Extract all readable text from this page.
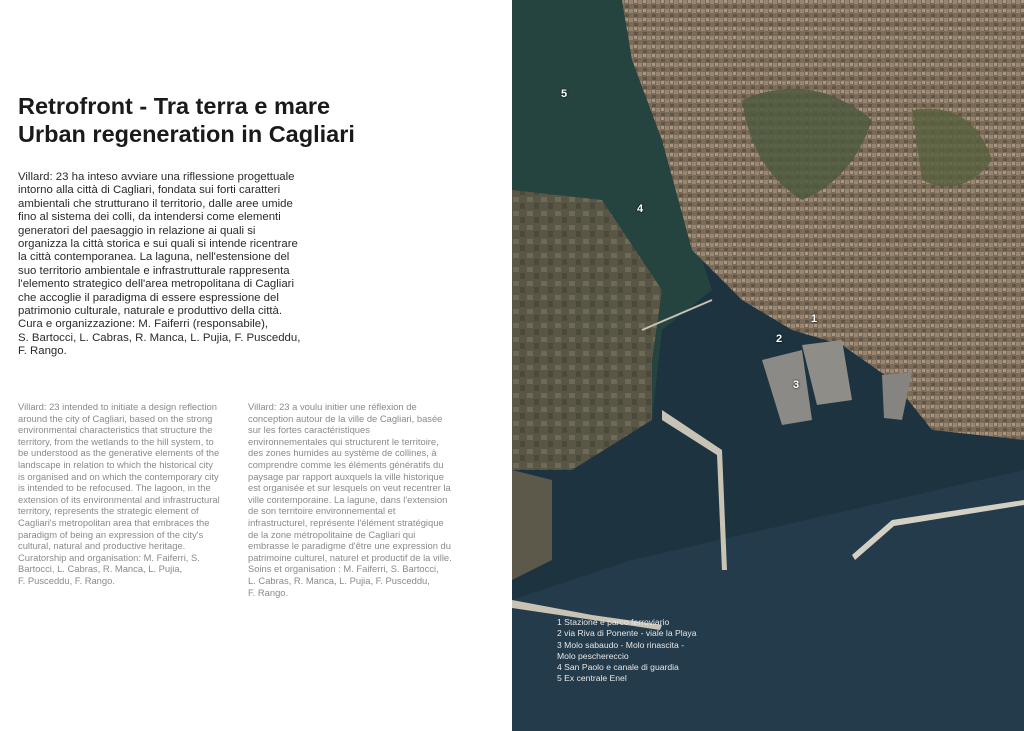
Retrofront - Tra terra e mare
Urban regeneration in Cagliari

Villard: 23 ha inteso avviare una riflessione progettuale
intorno alla città di Cagliari, fondata sui forti caratteri
ambientali che strutturano il territorio, dalle aree umide
fino al sistema dei colli, da intendersi come elementi
generatori del paesaggio in relazione ai quali si
organizza la città storica e sui quali si intende ricentrare
la città contemporanea. La laguna, nell'estensione del
suo territorio ambientale e infrastrutturale rappresenta
l'elemento strategico dell'area metropolitana di Cagliari
che accoglie il paradigma di essere espressione del
patrimonio culturale, naturale e produttivo della città.
Cura e organizzazione: M. Faiferri (responsabile),
S. Bartocci, L. Cabras, R. Manca, L. Pujia, F. Pusceddu,
F. Rango.

Villard: 23 intended to initiate a design reflection
around the city of Cagliari, based on the strong
environmental characteristics that structure the
territory, from the wetlands to the hill system, to
be understood as the generative elements of the
landscape in relation to which the historical city
is organised and on which the contemporary city
is intended to be refocused. The lagoon, in the
extension of its environmental and infrastructural
territory, represents the strategic element of
Cagliari's metropolitan area that embraces the
paradigm of being an expression of the city's
cultural, natural and productive heritage.
Curatorship and organisation: M. Faiferri, S.
Bartocci, L. Cabras, R. Manca, L. Pujia,
F. Pusceddu, F. Rango.

Villard: 23 a voulu initier une réflexion de
conception autour de la ville de Cagliari, basée
sur les fortes caractéristiques
environnementales qui structurent le territoire,
des zones humides au système de collines, à
comprendre comme les éléments génératifs du
paysage par rapport auxquels la ville historique
est organisée et sur lesquels on veut recentrer la
ville contemporaine. La lagune, dans l'extension
de son territoire environnemental et
infrastructurel, représente l'élément stratégique
de la zone métropolitaine de Cagliari qui
embrasse le paradigme d'être une expression du
patrimoine culturel, naturel et productif de la ville.
Soins et organisation : M. Faiferri, S. Bartocci,
L. Cabras, R. Manca, L. Pujia, F. Pusceddu,
F. Rango.

1
2
3
4
5

1 Stazione e parco ferroviario
2 via Riva di Ponente - viale la Playa
3 Molo sabaudo - Molo rinascita -
Molo peschereccio
4 San Paolo e canale di guardia
5 Ex centrale Enel
